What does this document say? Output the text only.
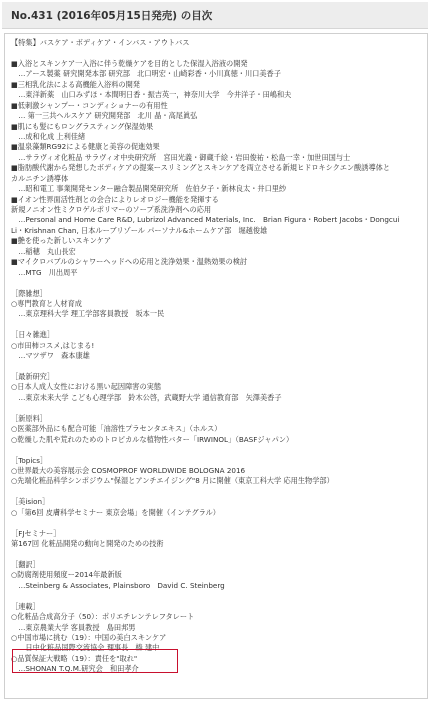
No.431 (2016年05月15日発売) の目次
【特集】バスケア・ボディケア・インバス・アウトバス
■入浴とスキンケア一入浴に伴う乾燥ケアを目的とした保湿入浴液の開発
　…アース製薬 研究開発本部 研究部　北口明宏・山崎彩香・小川真徳・川口美香子
■三相乳化法による高機能入浴料の開発
　…東洋新薬　山口みずほ・本間明日香・振吉英一，神奈川大学　今井洋子・田嶋和夫
■低刺激シャンプー・コンディショナーの有用性
　… 第一三共ヘルスケア 研究開発部　北川 晶・高尾眞弘
■肌にも髪にもロングラスティング保湿効果
　…成和化成 上利佳緒
■温泉藻類RG92による健康と美容の促進効果
　…サラヴィオ化粧品 サラヴィオ中央研究所　宮田光義・御蔵千絵・岩田俊祐・松島一幸・加世田国与士
■脂肪酸代謝から発想したボディケアの提案ースリミングとスキンケアを両立させる新規ヒドロキシクエン酸誘導体と
カルニチン誘導体
　…昭和電工 事業開発センター融合製品開発研究所　佐伯夕子・新林良太・井口里紗
■イオン性界面活性剤との会合によりレオロジー機能を発揮する
新規ノニオン性ミクロゲルポリマーのソープ系洗浄剤への応用
　…Personal and Home Care R&D, Lubrizol Advanced Materials, Inc.　Brian Figura・Robert Jacobs・Dongcui
Li・Krishnan Chan, 日本ルーブリゾール パーソナル&ホームケア部　堀越俊雄
■艶を使った新しいスキンケア
　…稲穂　丸山長宏
■マイクロバブルのシャワーヘッドへの応用と洗浄効果・温熱効果の検討
　…MTG　川出周平
［際雑想］
○専門教育と人材育成
　…東京理科大学 理工学部客員教授　坂本一民
［日々雑進］
○市田柿コスメ,はじまる!
　…マツザワ　森本康雄
［最新研究］
○日本人成人女性における黒い起因障害の実態
　…東京未来大学 こども心理学部　鈴木公啓，武蔵野大学 通信教育部　矢澤美香子
［新原料］
○医薬部外品にも配合可能「油溶性プラセンタエキス」（ホルス）
○乾燥した肌や荒れのためのトロピカルな植物性バター「IRWINOL」（BASFジャパン）
［Topics］
○世界最大の美容展示会 COSMOPROF WORLDWIDE BOLOGNA 2016
○先端化粧品科学シンポジウム"保湿とアンチエイジング"8 月に開催（東京工科大学 応用生物学部）
［美ision］
○「第6回 皮膚科学セミナー 東京会場」を開催（インテグラル）
［FJセミナー］
第167回 化粧品開発の動向と開発のための技術
［翻訳］
○防腐剤使用頻度ー2014年最新版
　…Steinberg & Associates, Plainsboro　David C. Steinberg
［連載］
○化粧品合成高分子（50）：ポリエチレンテレフタレート
　…東京農業大学 客員教授　島田邦男
○中国市場に挑む（19）：中国の美白スキンケア
　…日中化粧品国際交流協会 理事長　榛 建中
○品質保証大戦略（19）：責任を"取れ"
　…SHONAN T.Q.M.研究会　和田孝介
